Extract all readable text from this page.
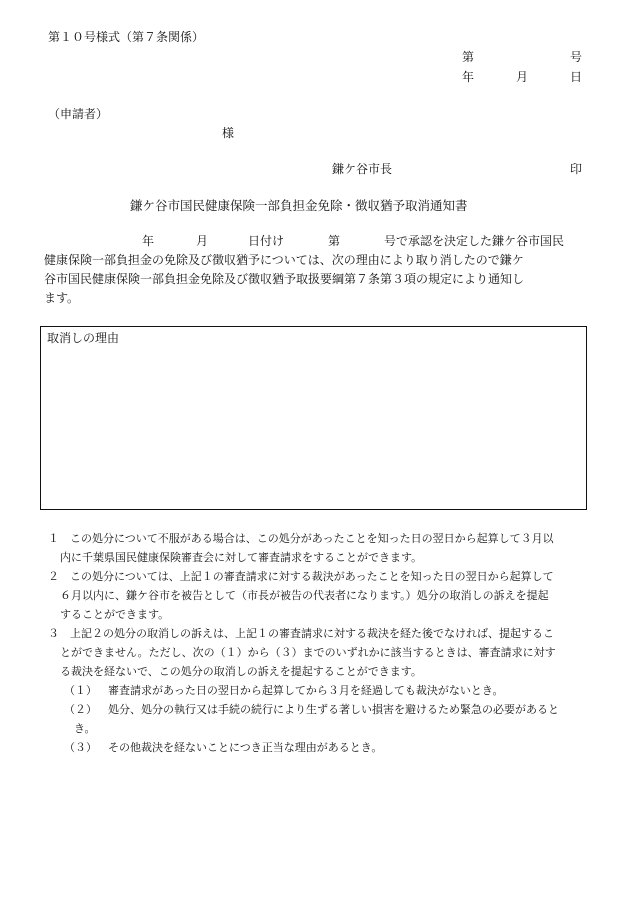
第１０号様式（第７条関係）
第	号
年	月	日
（申請者）
様
鎌ケ谷市長	印
鎌ケ谷市国民健康保険一部負担金免除・徴収猶予取消通知書
年	月	日付け	第	号で承認を決定した鎌ケ谷市国民
健康保険一部負担金の免除及び徴収猶予については、次の理由により取り消したので鎌ケ
谷市国民健康保険一部負担金免除及び徴収猶予取扱要綱第７条第３項の規定により通知し
ます。
取消しの理由
１ この処分について不服がある場合は、この処分があったことを知った日の翌日から起算して３月以
内に千葉県国民健康保険審査会に対して審査請求をすることができます。
２ この処分については、上記１の審査請求に対する裁決があったことを知った日の翌日から起算して
６月以内に、鎌ケ谷市を被告として（市長が被告の代表者になります。）処分の取消しの訴えを提起
することができます。
３ 上記２の処分の取消しの訴えは、上記１の審査請求に対する裁決を経た後でなければ、提起するこ
とができません。ただし、次の（１）から（３）までのいずれかに該当するときは、審査請求に対す
る裁決を経ないで、この処分の取消しの訴えを提起することができます。
（１） 審査請求があった日の翌日から起算してから３月を経過しても裁決がないとき。
（２） 処分、処分の執行又は手続の続行により生ずる著しい損害を避けるため緊急の必要があると
き。
（３） その他裁決を経ないことにつき正当な理由があるとき。
